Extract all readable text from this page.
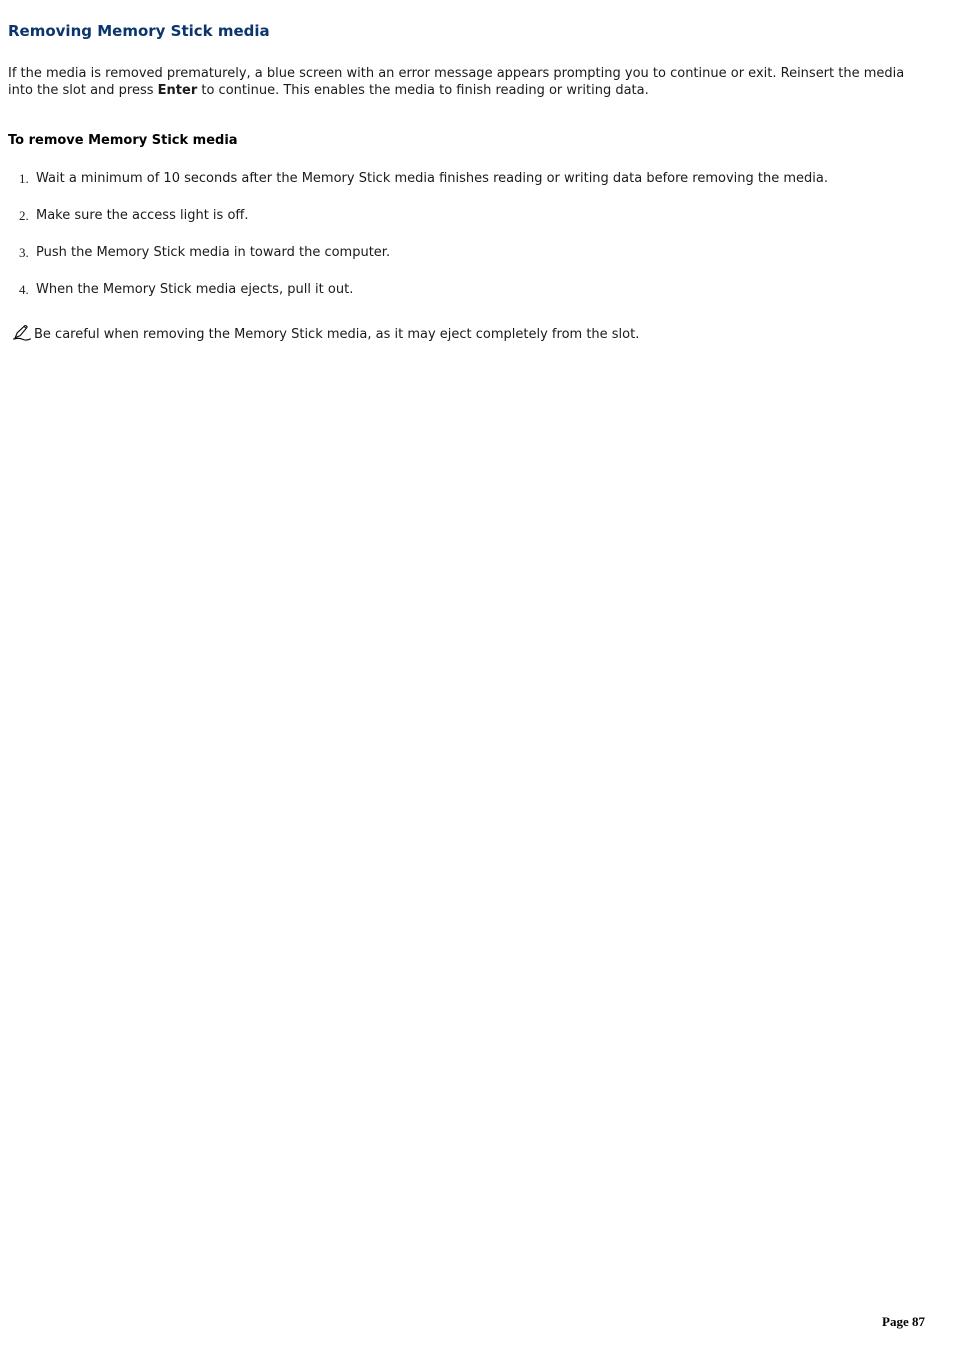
Removing Memory Stick media

If the media is removed prematurely, a blue screen with an error message appears prompting you to continue or exit. Reinsert the media into the slot and press Enter to continue. This enables the media to finish reading or writing data.

To remove Memory Stick media
1. Wait a minimum of 10 seconds after the Memory Stick media finishes reading or writing data before removing the media.
2. Make sure the access light is off.
3. Push the Memory Stick media in toward the computer.
4. When the Memory Stick media ejects, pull it out.
Be careful when removing the Memory Stick media, as it may eject completely from the slot.
Page 87
